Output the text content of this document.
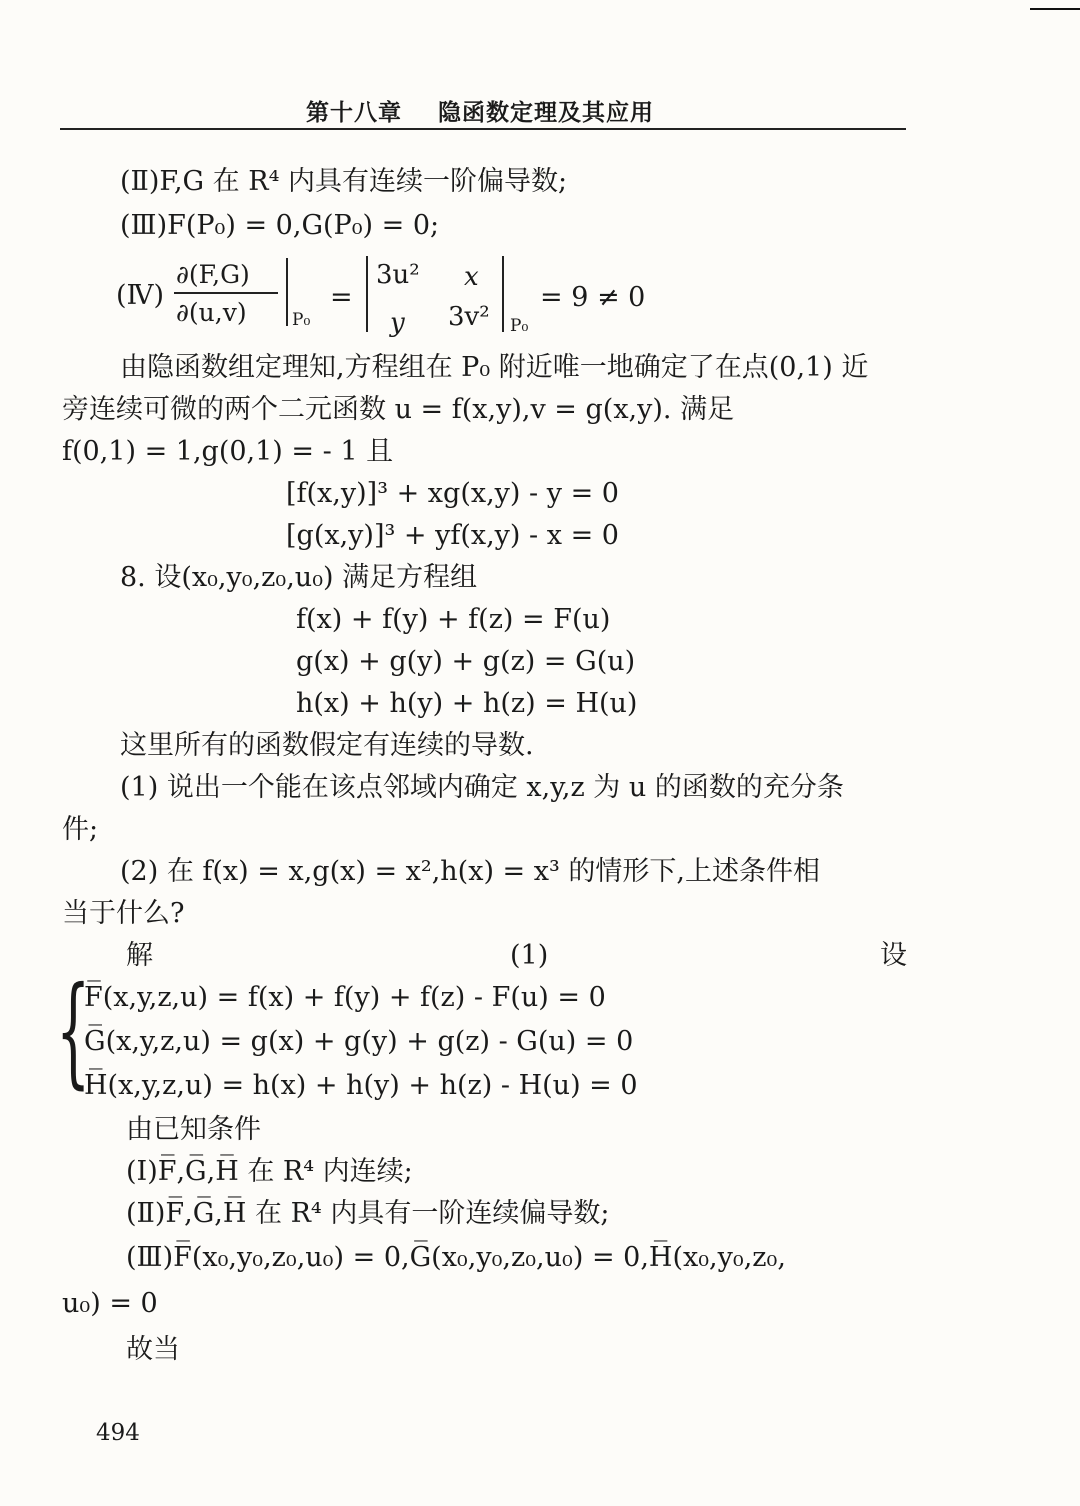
第十八章 隐函数定理及其应用
(Ⅱ)F,G 在 R⁴ 内具有连续一阶偏导数;
(Ⅲ)F(P₀) = 0,G(P₀) = 0;
(Ⅳ)
∂(F,G)
∂(u,v)	P₀
=
3u² x
y 3v² P₀
= 9 ≠ 0
由隐函数组定理知,方程组在 P₀ 附近唯一地确定了在点(0,1) 近
旁连续可微的两个二元函数 u = f(x,y),v = g(x,y). 满足
f(0,1) = 1,g(0,1) = - 1 且
[f(x,y)]³ + xg(x,y) - y = 0
[g(x,y)]³ + yf(x,y) - x = 0
8. 设(x₀,y₀,z₀,u₀) 满足方程组
f(x) + f(y) + f(z) = F(u)
g(x) + g(y) + g(z) = G(u)
h(x) + h(y) + h(z) = H(u)
这里所有的函数假定有连续的导数.
(1) 说出一个能在该点邻域内确定 x,y,z 为 u 的函数的充分条
件;
(2) 在 f(x) = x,g(x) = x²,h(x) = x³ 的情形下,上述条件相
当于什么?
解	(1)	设
{
F̅(x,y,z,u) = f(x) + f(y) + f(z) - F(u) = 0
G̅(x,y,z,u) = g(x) + g(y) + g(z) - G(u) = 0
H̅(x,y,z,u) = h(x) + h(y) + h(z) - H(u) = 0
由已知条件
(Ⅰ)F̅,G̅,H̅ 在 R⁴ 内连续;
(Ⅱ)F̅,G̅,H̅ 在 R⁴ 内具有一阶连续偏导数;
(Ⅲ)F̅(x₀,y₀,z₀,u₀) = 0,G̅(x₀,y₀,z₀,u₀) = 0,H̅(x₀,y₀,z₀,
u₀) = 0
故当
494
